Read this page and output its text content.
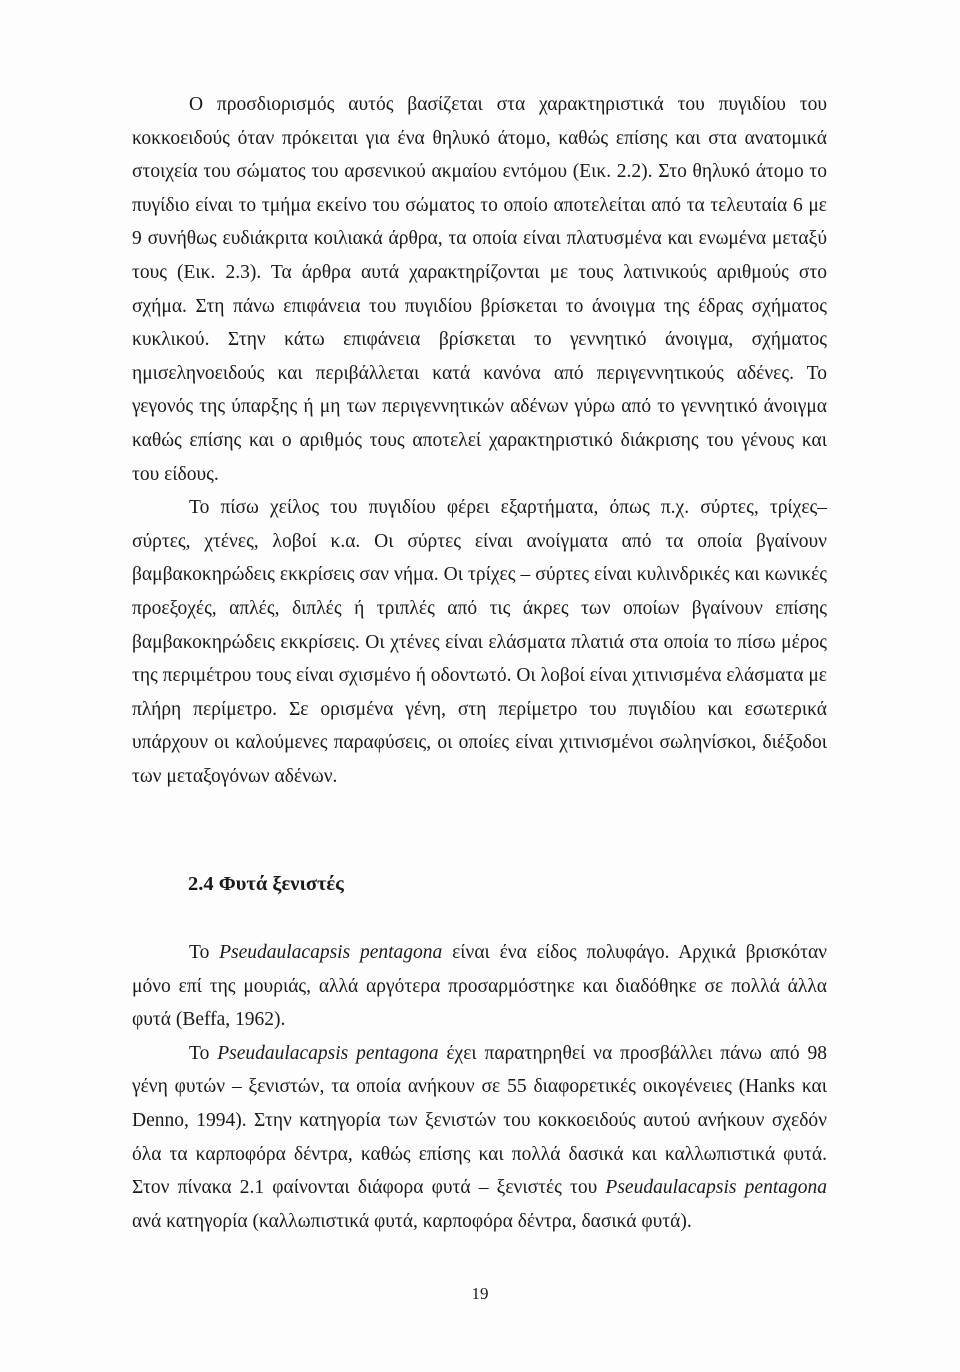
Ο προσδιορισμός αυτός βασίζεται στα χαρακτηριστικά του πυγιδίου του κοκκοειδούς όταν πρόκειται για ένα θηλυκό άτομο, καθώς επίσης και στα ανατομικά στοιχεία του σώματος του αρσενικού ακμαίου εντόμου (Εικ. 2.2). Στο θηλυκό άτομο το πυγίδιο είναι το τμήμα εκείνο του σώματος το οποίο αποτελείται από τα τελευταία 6 με 9 συνήθως ευδιάκριτα κοιλιακά άρθρα, τα οποία είναι πλατυσμένα και ενωμένα μεταξύ τους (Εικ. 2.3). Τα άρθρα αυτά χαρακτηρίζονται με τους λατινικούς αριθμούς στο σχήμα. Στη πάνω επιφάνεια του πυγιδίου βρίσκεται το άνοιγμα της έδρας σχήματος κυκλικού. Στην κάτω επιφάνεια βρίσκεται το γεννητικό άνοιγμα, σχήματος ημισεληνοειδούς και περιβάλλεται κατά κανόνα από περιγεννητικούς αδένες. Το γεγονός της ύπαρξης ή μη των περιγεννητικών αδένων γύρω από το γεννητικό άνοιγμα καθώς επίσης και ο αριθμός τους αποτελεί χαρακτηριστικό διάκρισης του γένους και του είδους.

Το πίσω χείλος του πυγιδίου φέρει εξαρτήματα, όπως π.χ. σύρτες, τρίχες– σύρτες, χτένες, λοβοί κ.α. Οι σύρτες είναι ανοίγματα από τα οποία βγαίνουν βαμβακοκηρώδεις εκκρίσεις σαν νήμα. Οι τρίχες – σύρτες είναι κυλινδρικές και κωνικές προεξοχές, απλές, διπλές ή τριπλές από τις άκρες των οποίων βγαίνουν επίσης βαμβακοκηρώδεις εκκρίσεις. Οι χτένες είναι ελάσματα πλατιά στα οποία το πίσω μέρος της περιμέτρου τους είναι σχισμένο ή οδοντωτό. Οι λοβοί είναι χιτινισμένα ελάσματα με πλήρη περίμετρο. Σε ορισμένα γένη, στη περίμετρο του πυγιδίου και εσωτερικά υπάρχουν οι καλούμενες παραφύσεις, οι οποίες είναι χιτινισμένοι σωληνίσκοι, διέξοδοι των μεταξογόνων αδένων.

2.4 Φυτά ξενιστές

Το Pseudaulacapsis pentagona είναι ένα είδος πολυφάγο. Αρχικά βρισκόταν μόνο επί της μουριάς, αλλά αργότερα προσαρμόστηκε και διαδόθηκε σε πολλά άλλα φυτά (Beffa, 1962).

Το Pseudaulacapsis pentagona έχει παρατηρηθεί να προσβάλλει πάνω από 98 γένη φυτών – ξενιστών, τα οποία ανήκουν σε 55 διαφορετικές οικογένειες (Hanks και Denno, 1994). Στην κατηγορία των ξενιστών του κοκκοειδούς αυτού ανήκουν σχεδόν όλα τα καρποφόρα δέντρα, καθώς επίσης και πολλά δασικά και καλλωπιστικά φυτά. Στον πίνακα 2.1 φαίνονται διάφορα φυτά – ξενιστές του Pseudaulacapsis pentagona ανά κατηγορία (καλλωπιστικά φυτά, καρποφόρα δέντρα, δασικά φυτά).

19
